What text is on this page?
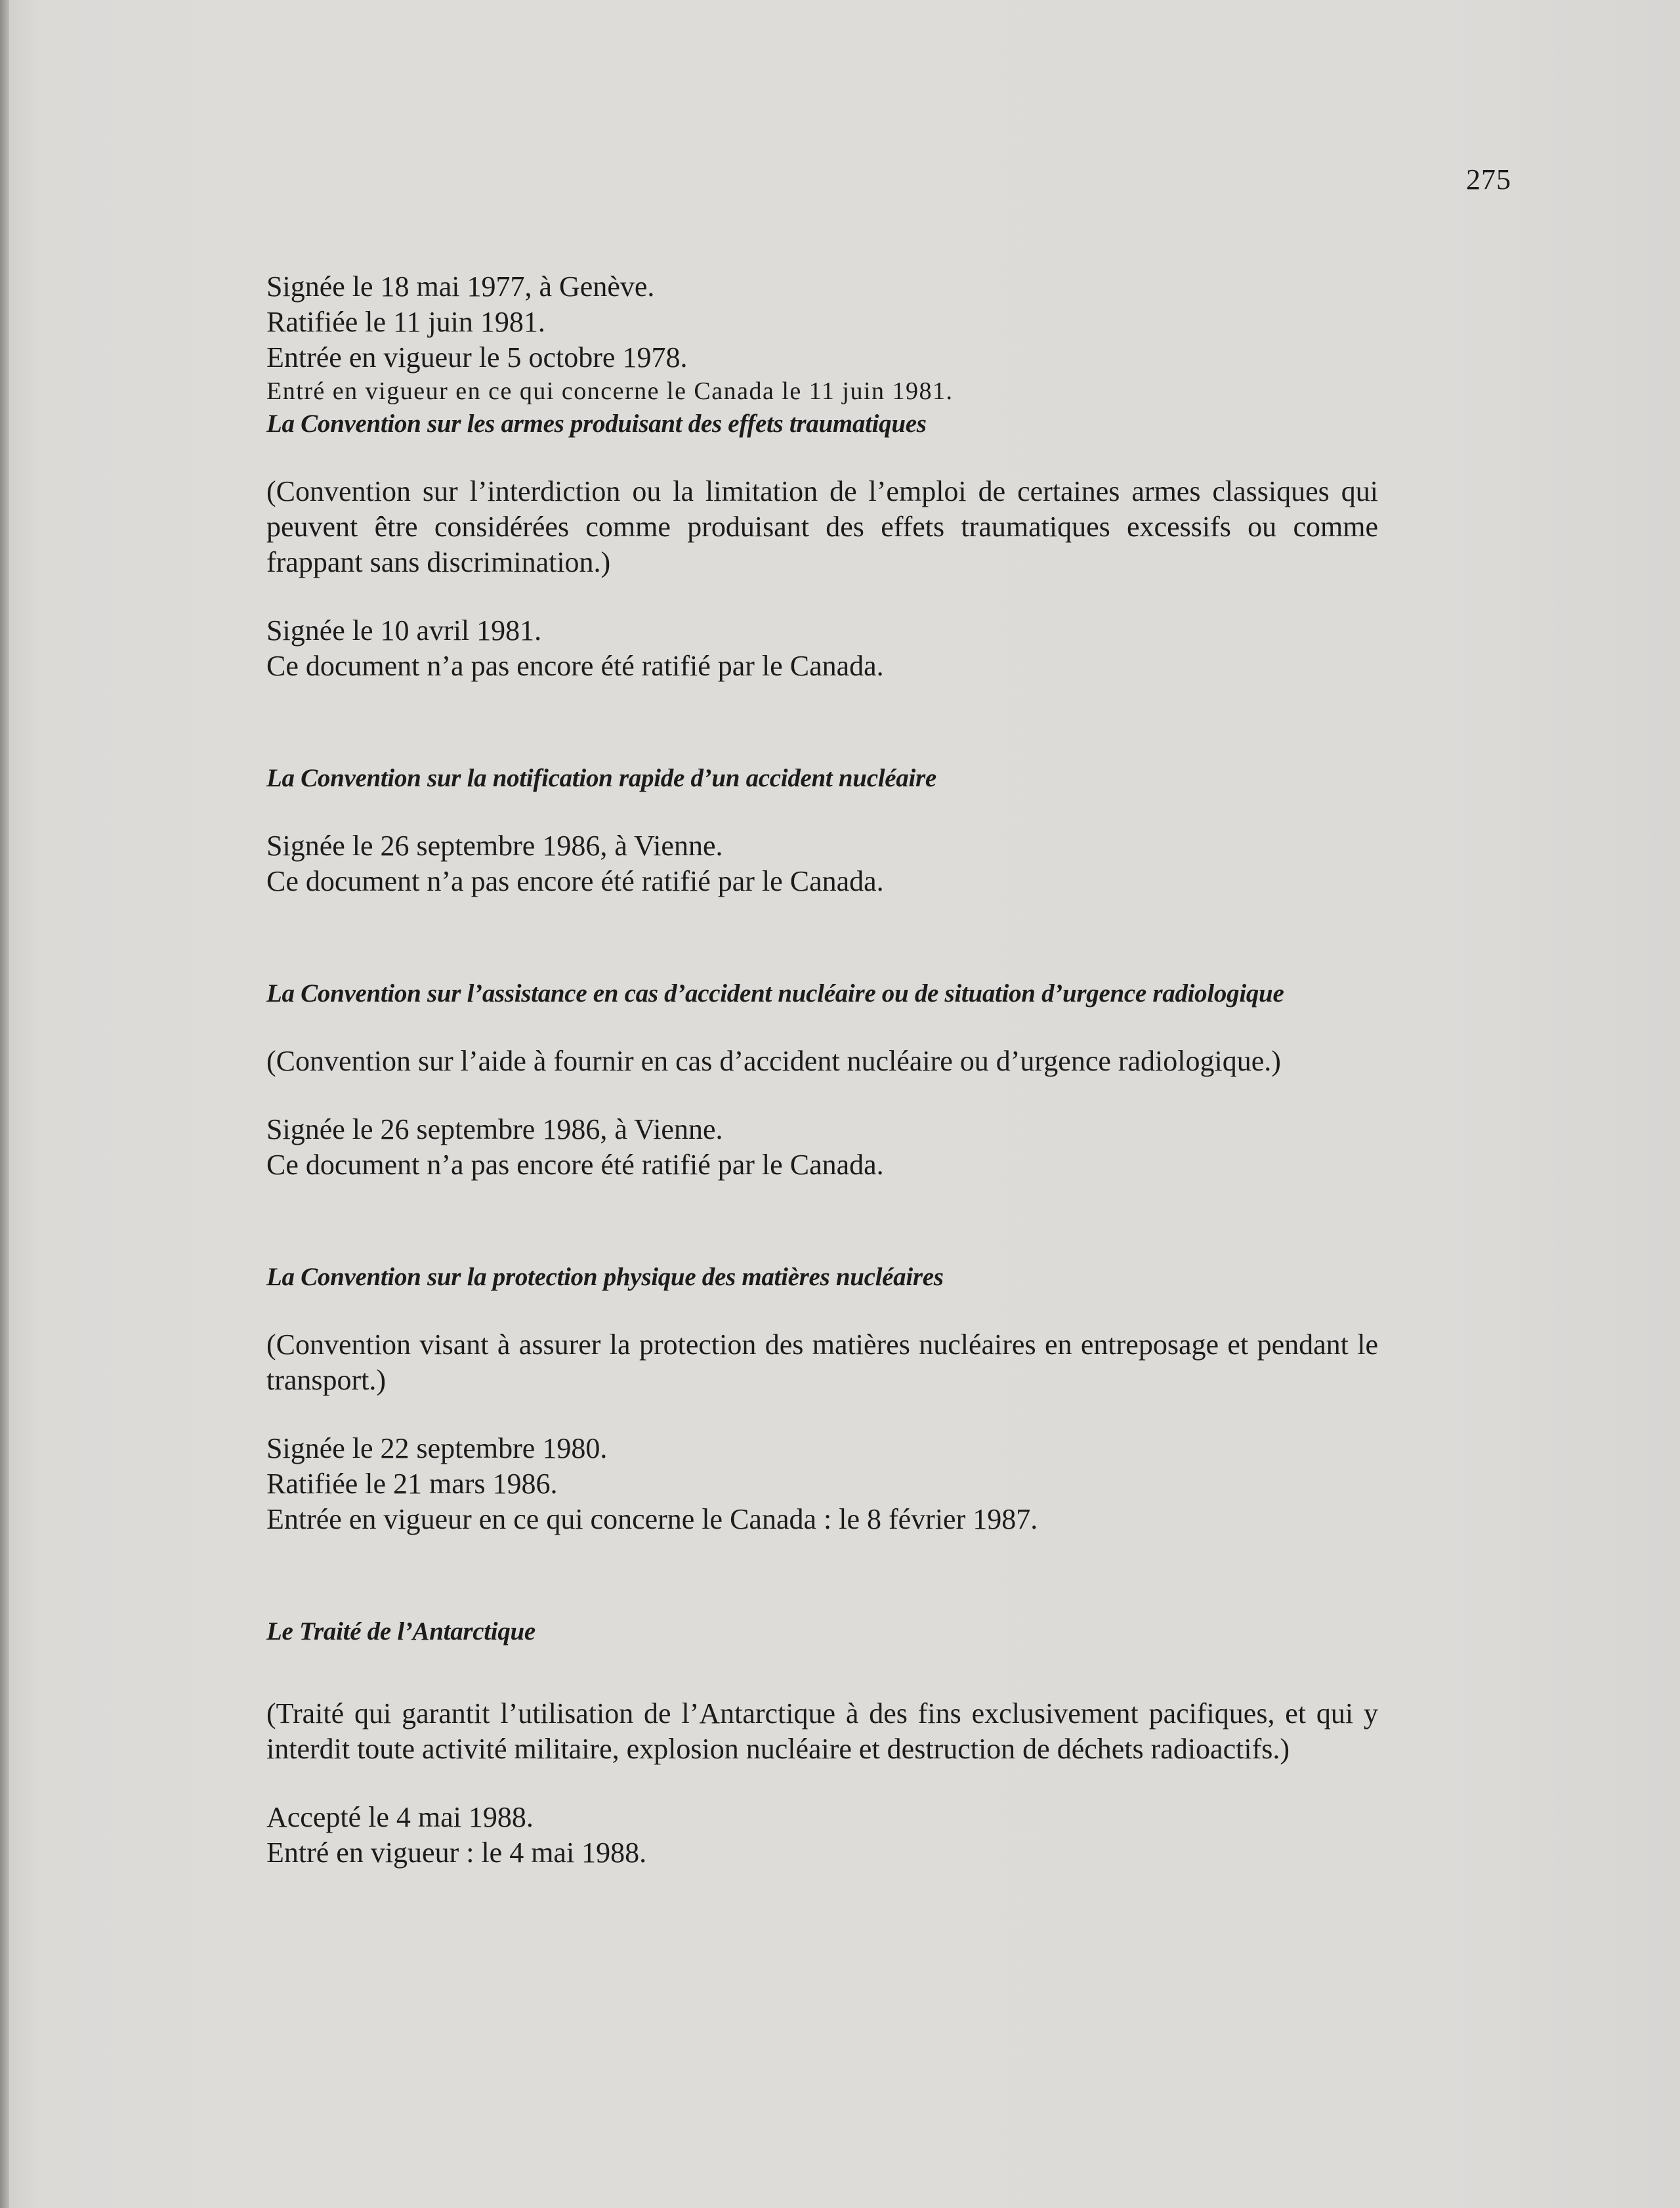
275

Signée le 18 mai 1977, à Genève.

Ratifiée le 11 juin 1981.

Entrée en vigueur le 5 octobre 1978.

Entré en vigueur en ce qui concerne le Canada le 11 juin 1981.

La Convention sur les armes produisant des effets traumatiques

(Convention sur l’interdiction ou la limitation de l’emploi de certaines armes classiques qui peuvent être considérées comme produisant des effets traumatiques excessifs ou comme frappant sans discrimination.)

Signée le 10 avril 1981.

Ce document n’a pas encore été ratifié par le Canada.

La Convention sur la notification rapide d’un accident nucléaire

Signée le 26 septembre 1986, à Vienne.

Ce document n’a pas encore été ratifié par le Canada.

La Convention sur l’assistance en cas d’accident nucléaire ou de situation d’urgence radiologique

(Convention sur l’aide à fournir en cas d’accident nucléaire ou d’urgence radiologique.)

Signée le 26 septembre 1986, à Vienne.

Ce document n’a pas encore été ratifié par le Canada.

La Convention sur la protection physique des matières nucléaires

(Convention visant à assurer la protection des matières nucléaires en entreposage et pendant le transport.)

Signée le 22 septembre 1980.

Ratifiée le 21 mars 1986.

Entrée en vigueur en ce qui concerne le Canada : le 8 février 1987.

Le Traité de l’Antarctique

(Traité qui garantit l’utilisation de l’Antarctique à des fins exclusivement pacifiques, et qui y interdit toute activité militaire, explosion nucléaire et destruction de déchets radioactifs.)

Accepté le 4 mai 1988.

Entré en vigueur : le 4 mai 1988.
